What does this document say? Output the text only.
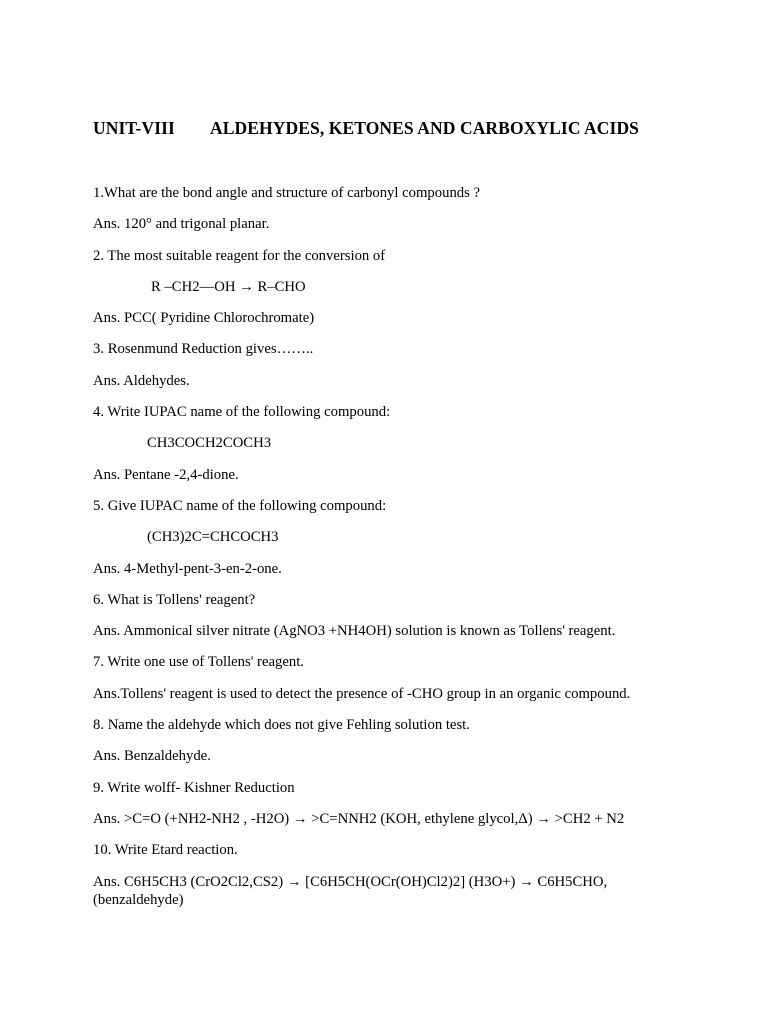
UNIT-VIII ALDEHYDES, KETONES AND CARBOXYLIC ACIDS
1.What are the bond angle and structure of carbonyl compounds ?
Ans. 120° and trigonal planar.
2. The most suitable reagent for the conversion of
R –CH2—OH → R–CHO
Ans. PCC( Pyridine Chlorochromate)
3. Rosenmund Reduction gives……..
Ans. Aldehydes.
4. Write IUPAC name of the following compound:
CH3COCH2COCH3
Ans. Pentane -2,4-dione.
5. Give IUPAC name of the following compound:
(CH3)2C=CHCOCH3
Ans. 4-Methyl-pent-3-en-2-one.
6. What is Tollens' reagent?
Ans. Ammonical silver nitrate (AgNO3 +NH4OH) solution is known as Tollens' reagent.
7. Write one use of Tollens' reagent.
Ans.Tollens' reagent is used to detect the presence of -CHO group in an organic compound.
8. Name the aldehyde which does not give Fehling solution test.
Ans. Benzaldehyde.
9. Write wolff- Kishner Reduction
Ans. >C=O (+NH2-NH2 , -H2O) → >C=NNH2 (KOH, ethylene glycol,Δ) → >CH2 + N2
10. Write Etard reaction.
Ans. C6H5CH3 (CrO2Cl2,CS2) → [C6H5CH(OCr(OH)Cl2)2] (H3O+) → C6H5CHO, (benzaldehyde)
